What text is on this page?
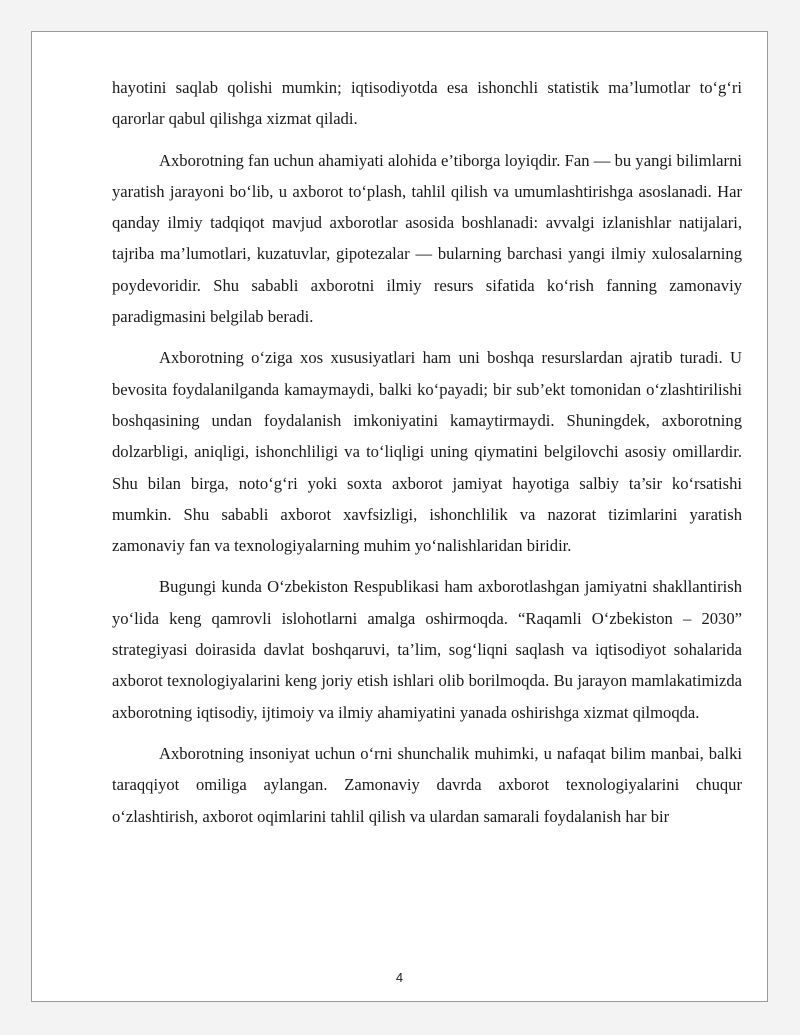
hayotini saqlab qolishi mumkin; iqtisodiyotda esa ishonchli statistik ma’lumotlar to‘g‘ri qarorlar qabul qilishga xizmat qiladi.

Axborotning fan uchun ahamiyati alohida e’tiborga loyiqdir. Fan — bu yangi bilimlarni yaratish jarayoni bo‘lib, u axborot to‘plash, tahlil qilish va umumlashtirishga asoslanadi. Har qanday ilmiy tadqiqot mavjud axborotlar asosida boshlanadi: avvalgi izlanishlar natijalari, tajriba ma’lumotlari, kuzatuvlar, gipotezalar — bularning barchasi yangi ilmiy xulosalarning poydevoridir. Shu sababli axborotni ilmiy resurs sifatida ko‘rish fanning zamonaviy paradigmasini belgilab beradi.

Axborotning o‘ziga xos xususiyatlari ham uni boshqa resurslardan ajratib turadi. U bevosita foydalanilganda kamaymaydi, balki ko‘payadi; bir sub’ekt tomonidan o‘zlashtirilishi boshqasining undan foydalanish imkoniyatini kamaytirmaydi. Shuningdek, axborotning dolzarbligi, aniqligi, ishonchliligi va to‘liqligi uning qiymatini belgilovchi asosiy omillardir. Shu bilan birga, noto‘g‘ri yoki soxta axborot jamiyat hayotiga salbiy ta’sir ko‘rsatishi mumkin. Shu sababli axborot xavfsizligi, ishonchlilik va nazorat tizimlarini yaratish zamonaviy fan va texnologiyalarning muhim yo‘nalishlaridan biridir.

Bugungi kunda O‘zbekiston Respublikasi ham axborotlashgan jamiyatni shakllantirish yo‘lida keng qamrovli islohotlarni amalga oshirmoqda. “Raqamli O‘zbekiston – 2030” strategiyasi doirasida davlat boshqaruvi, ta’lim, sog‘liqni saqlash va iqtisodiyot sohalarida axborot texnologiyalarini keng joriy etish ishlari olib borilmoqda. Bu jarayon mamlakatimizda axborotning iqtisodiy, ijtimoiy va ilmiy ahamiyatini yanada oshirishga xizmat qilmoqda.

Axborotning insoniyat uchun o‘rni shunchalik muhimki, u nafaqat bilim manbai, balki taraqqiyot omiliga aylangan. Zamonaviy davrda axborot texnologiyalarini chuqur o‘zlashtirish, axborot oqimlarini tahlil qilish va ulardan samarali foydalanish har bir

4
